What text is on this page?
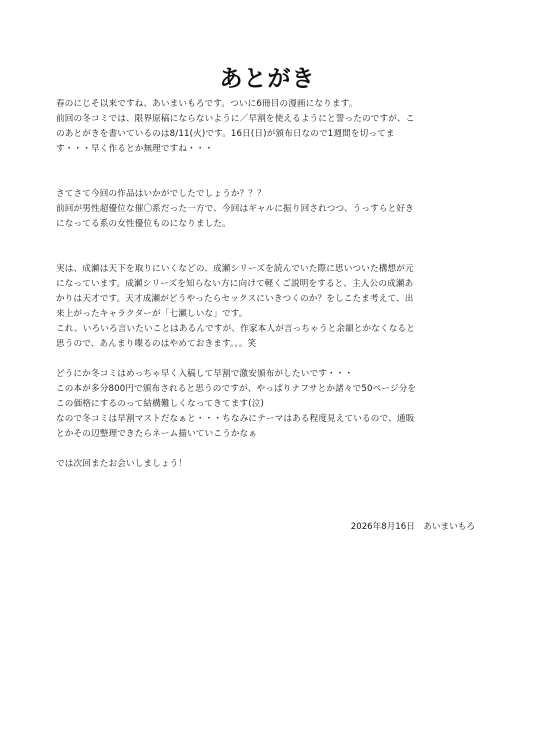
あとがき
春のにじそ以来ですね、あいまいもろです。ついに6冊目の漫画になります。
前回の冬コミでは、限界原稿にならないように／早割を使えるようにと誓ったのですが、こ
のあとがきを書いているのは8/11(火)です。16日(日)が頒布日なので1週間を切ってま
す・・・早く作るとか無理ですね・・・
さてさて今回の作品はいかがでしたでしょうか？？？
前回が男性超優位な催〇系だった一方で、今回はギャルに振り回されつつ、うっすらと好き
になってる系の女性優位ものになりました。
実は、成瀬は天下を取りにいくなどの、成瀬シリーズを読んでいた際に思いついた構想が元
になっています。成瀬シリーズを知らない方に向けて軽くご説明をすると、主人公の成瀬あ
かりは天才です。天才成瀬がどうやったらセックスにいきつくのか？をしこたま考えて、出
来上がったキャラクターが「七瀬しいな」です。
これ、いろいろ言いたいことはあるんですが、作家本人が言っちゃうと余韻とかなくなると
思うので、あんまり喋るのはやめておきます。。。笑
どうにか冬コミはめっちゃ早く入稿して早割で激安頒布がしたいです・・・
この本が多分800円で頒布されると思うのですが、やっぱりナフサとか諸々で50ページ分を
この価格にするのって結構難しくなってきてます(泣)
なので冬コミは早割マストだなぁと・・・ちなみにテーマはある程度見えているので、通販
とかその辺整理できたらネーム描いていこうかなぁ
では次回またお会いしましょう！
2026年8月16日　あいまいもろ
